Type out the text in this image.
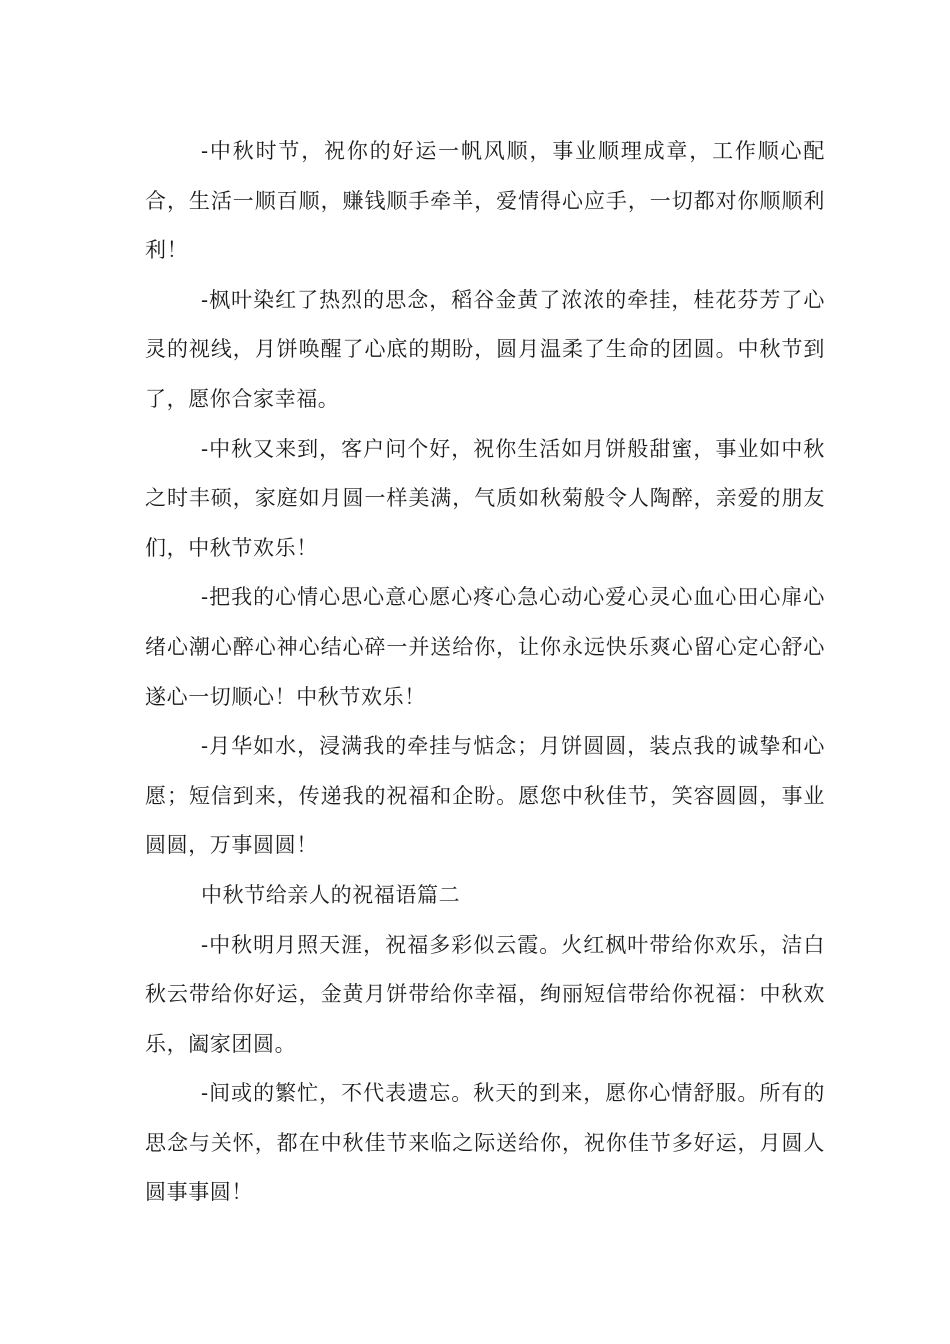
-中秋时节，祝你的好运一帆风顺，事业顺理成章，工作顺心配合，生活一顺百顺，赚钱顺手牵羊，爱情得心应手，一切都对你顺顺利利！

-枫叶染红了热烈的思念，稻谷金黄了浓浓的牵挂，桂花芬芳了心灵的视线，月饼唤醒了心底的期盼，圆月温柔了生命的团圆。中秋节到了，愿你合家幸福。

-中秋又来到，客户问个好，祝你生活如月饼般甜蜜，事业如中秋之时丰硕，家庭如月圆一样美满，气质如秋菊般令人陶醉，亲爱的朋友们，中秋节欢乐！

-把我的心情心思心意心愿心疼心急心动心爱心灵心血心田心扉心绪心潮心醉心神心结心碎一并送给你，让你永远快乐爽心留心定心舒心遂心一切顺心！中秋节欢乐！

-月华如水，浸满我的牵挂与惦念；月饼圆圆，装点我的诚挚和心愿；短信到来，传递我的祝福和企盼。愿您中秋佳节，笑容圆圆，事业圆圆，万事圆圆！

中秋节给亲人的祝福语篇二

-中秋明月照天涯，祝福多彩似云霞。火红枫叶带给你欢乐，洁白秋云带给你好运，金黄月饼带给你幸福，绚丽短信带给你祝福：中秋欢乐，阖家团圆。

-间或的繁忙，不代表遗忘。秋天的到来，愿你心情舒服。所有的思念与关怀，都在中秋佳节来临之际送给你，祝你佳节多好运，月圆人圆事事圆！
